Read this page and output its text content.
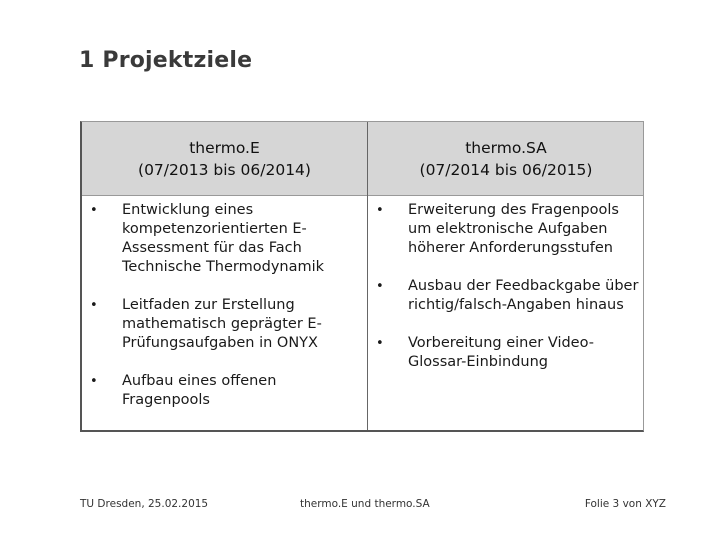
1 Projektziele
thermo.E
(07/2013 bis 06/2014)
thermo.SA
(07/2014 bis 06/2015)
• Entwicklung eines kompetenzorientierten E-Assessment für das Fach Technische Thermodynamik
• Leitfaden zur Erstellung mathematisch geprägter E-Prüfungsaufgaben in ONYX
• Aufbau eines offenen Fragenpools
• Erweiterung des Fragenpools um elektronische Aufgaben höherer Anforderungsstufen
• Ausbau der Feedbackgabe über richtig/falsch-Angaben hinaus
• Vorbereitung einer Video-Glossar-Einbindung
TU Dresden, 25.02.2015	thermo.E und thermo.SA	Folie 3 von XYZ
